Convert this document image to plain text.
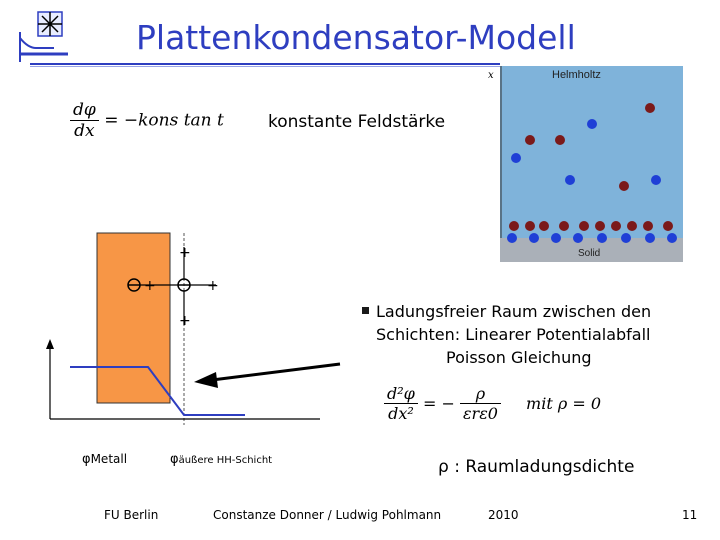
Plattenkondensator-Modell
$\frac{d\varphi}{dx}$ = −kons tan t	konstante Feldstärke
Helmholtz
Solid
x
+	+
+
+
φMetall	φäußere HH-Schicht
Ladungsfreier Raum zwischen den
Schichten: Linearer Potentialabfall
Poisson Gleichung
$\frac{\text{d²φ}}{\text{dx²}}$ = − $\frac{\rho}{\text{εrε0}}$ mit ρ = 0
ρ : Raumladungsdichte
FU Berlin	Constanze Donner / Ludwig Pohlmann	2010	11
